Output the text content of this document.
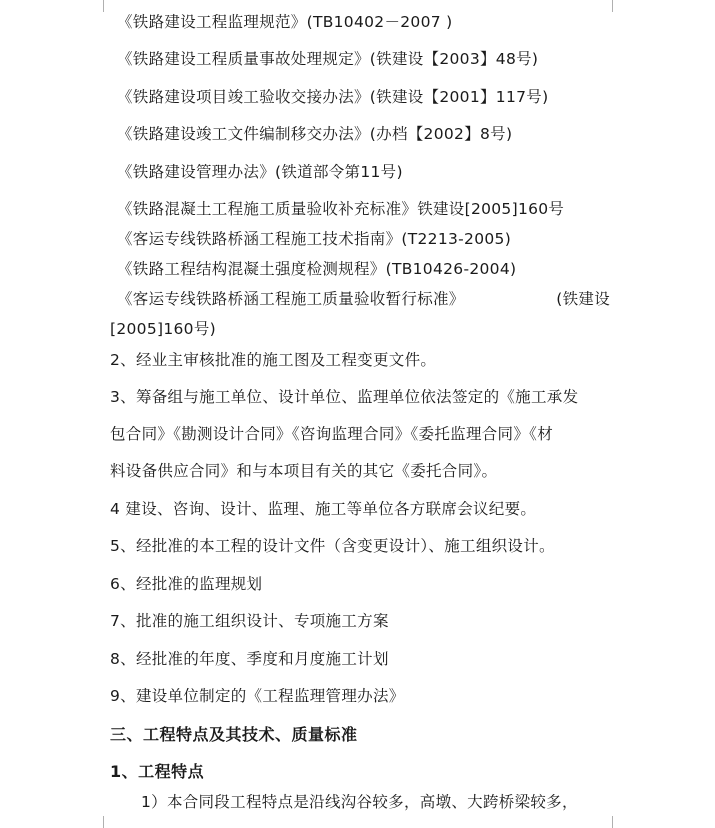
《铁路建设工程监理规范》(TB10402－2007 )
《铁路建设工程质量事故处理规定》(铁建设【2003】48号)
《铁路建设项目竣工验收交接办法》(铁建设【2001】117号)
《铁路建设竣工文件编制移交办法》(办档【2002】8号)
《铁路建设管理办法》(铁道部令第11号)
《铁路混凝土工程施工质量验收补充标准》铁建设[2005]160号
《客运专线铁路桥涵工程施工技术指南》(T2213-2005)
《铁路工程结构混凝土强度检测规程》(TB10426-2004)
《客运专线铁路桥涵工程施工质量验收暂行标准》	(铁建设
[2005]160号)
2、经业主审核批准的施工图及工程变更文件。
3、筹备组与施工单位、设计单位、监理单位依法签定的《施工承发
包合同》《勘测设计合同》《咨询监理合同》《委托监理合同》《材
料设备供应合同》和与本项目有关的其它《委托合同》。
4 建设、咨询、设计、监理、施工等单位各方联席会议纪要。
5、经批准的本工程的设计文件（含变更设计）、施工组织设计。
6、经批准的监理规划
7、批准的施工组织设计、专项施工方案
8、经批准的年度、季度和月度施工计划
9、建设单位制定的《工程监理管理办法》
三、工程特点及其技术、质量标准
1、工程特点
1）本合同段工程特点是沿线沟谷较多，高墩、大跨桥梁较多，
